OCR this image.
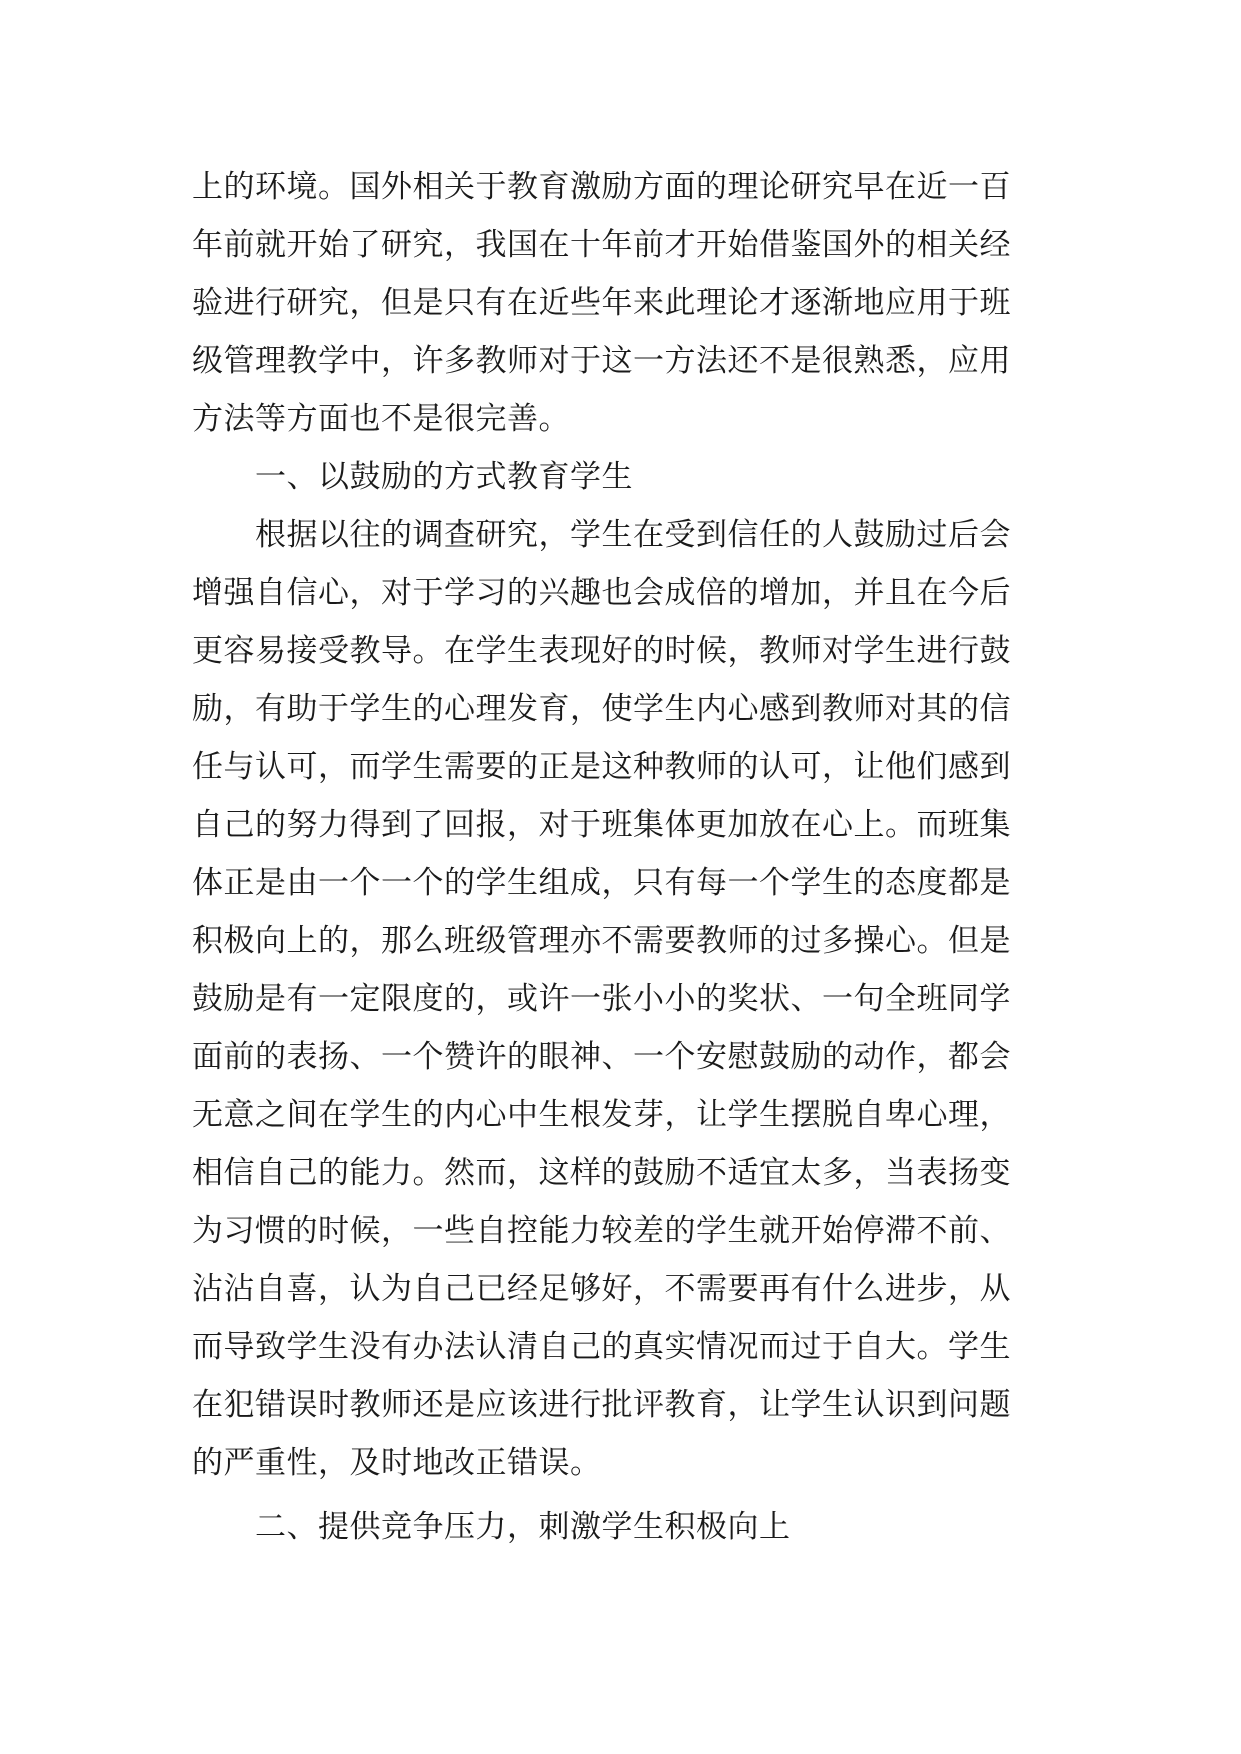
上的环境。国外相关于教育激励方面的理论研究早在近一百
年前就开始了研究，我国在十年前才开始借鉴国外的相关经
验进行研究，但是只有在近些年来此理论才逐渐地应用于班
级管理教学中，许多教师对于这一方法还不是很熟悉，应用
方法等方面也不是很完善。
　　一、以鼓励的方式教育学生
　　根据以往的调查研究，学生在受到信任的人鼓励过后会
增强自信心，对于学习的兴趣也会成倍的增加，并且在今后
更容易接受教导。在学生表现好的时候，教师对学生进行鼓
励，有助于学生的心理发育，使学生内心感到教师对其的信
任与认可，而学生需要的正是这种教师的认可，让他们感到
自己的努力得到了回报，对于班集体更加放在心上。而班集
体正是由一个一个的学生组成，只有每一个学生的态度都是
积极向上的，那么班级管理亦不需要教师的过多操心。但是
鼓励是有一定限度的，或许一张小小的奖状、一句全班同学
面前的表扬、一个赞许的眼神、一个安慰鼓励的动作，都会
无意之间在学生的内心中生根发芽，让学生摆脱自卑心理，
相信自己的能力。然而，这样的鼓励不适宜太多，当表扬变
为习惯的时候，一些自控能力较差的学生就开始停滞不前、
沾沾自喜，认为自己已经足够好，不需要再有什么进步，从
而导致学生没有办法认清自己的真实情况而过于自大。学生
在犯错误时教师还是应该进行批评教育，让学生认识到问题
的严重性，及时地改正错误。
　　二、提供竞争压力，刺激学生积极向上
